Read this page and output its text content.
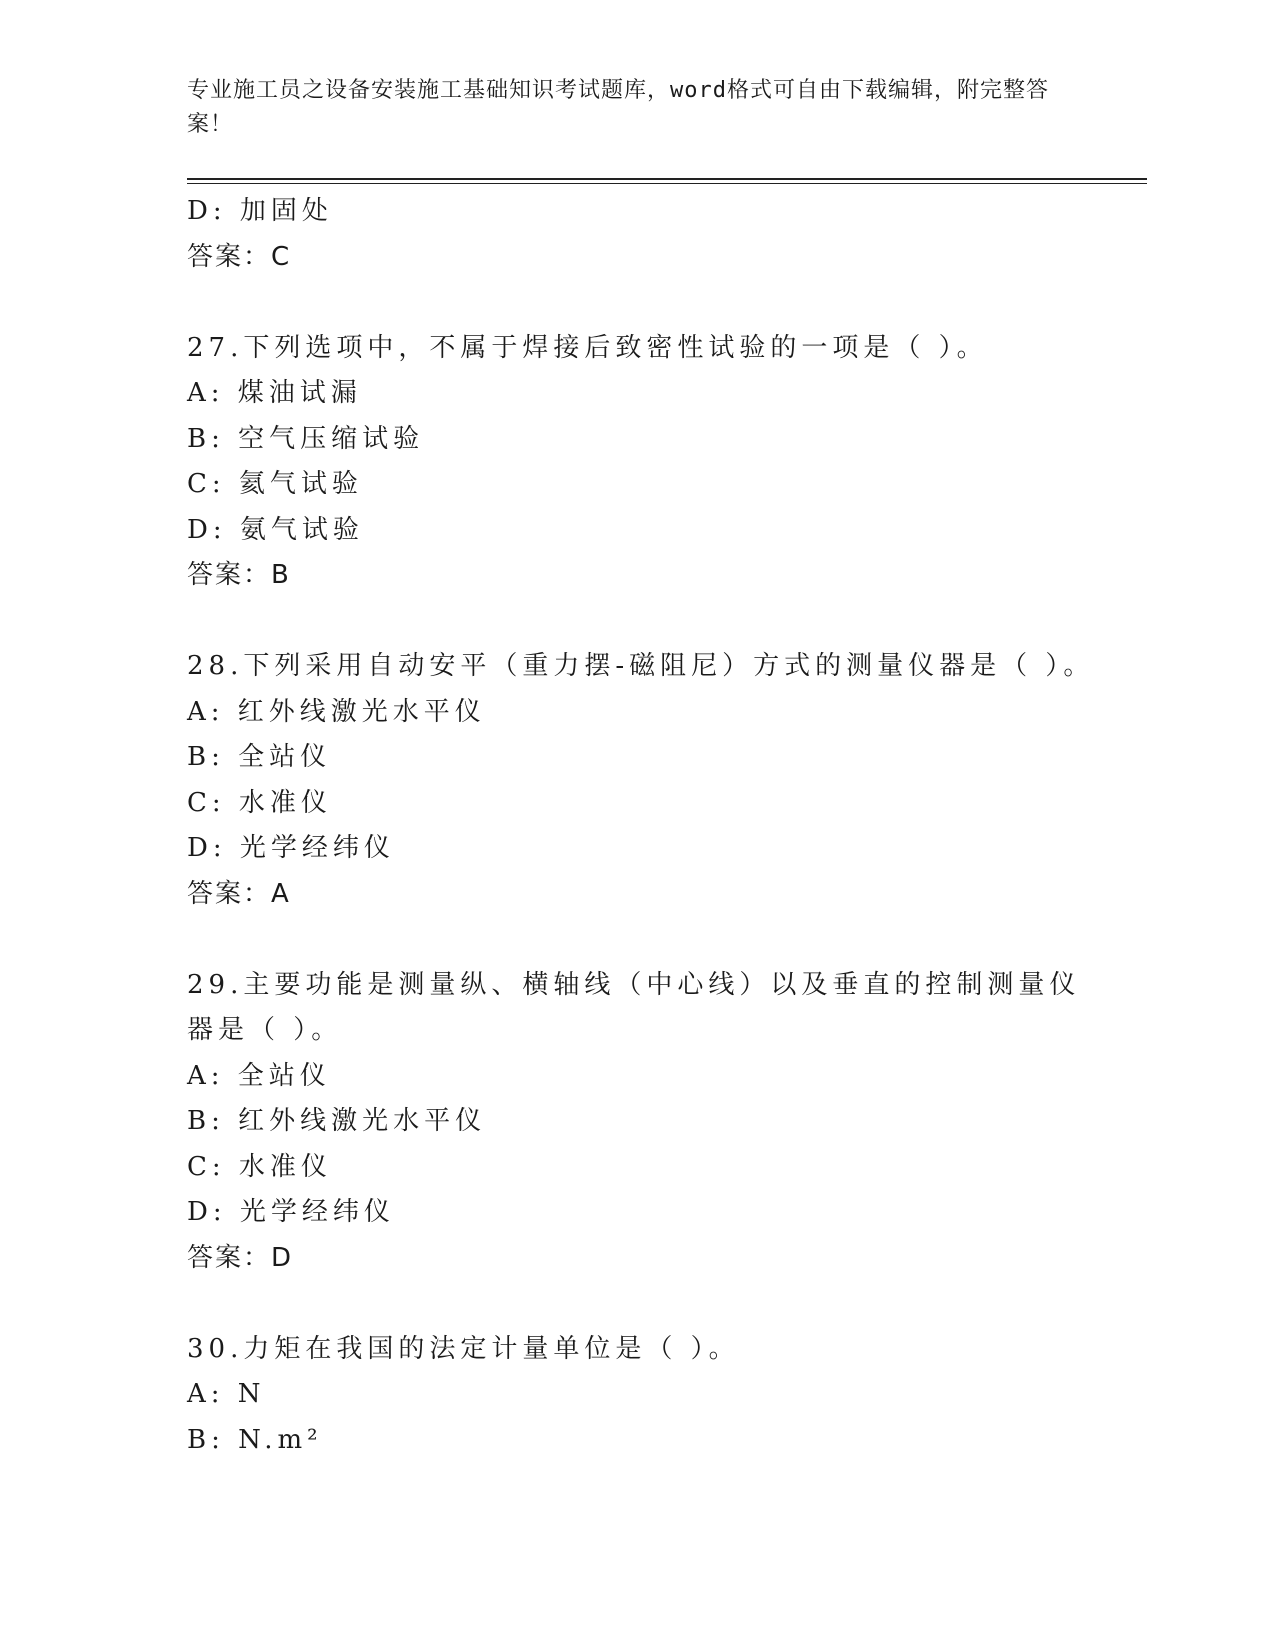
专业施工员之设备安装施工基础知识考试题库，word格式可自由下载编辑，附完整答案！
D: 加固处
答案：C
27.下列选项中，不属于焊接后致密性试验的一项是（ ）。
A: 煤油试漏
B: 空气压缩试验
C: 氦气试验
D: 氨气试验
答案：B
28.下列采用自动安平（重力摆-磁阻尼）方式的测量仪器是（ ）。
A: 红外线激光水平仪
B: 全站仪
C: 水准仪
D: 光学经纬仪
答案：A
29.主要功能是测量纵、横轴线（中心线）以及垂直的控制测量仪器是（ ）。
A: 全站仪
B: 红外线激光水平仪
C: 水准仪
D: 光学经纬仪
答案：D
30.力矩在我国的法定计量单位是（ ）。
A: N
B: N.m²
